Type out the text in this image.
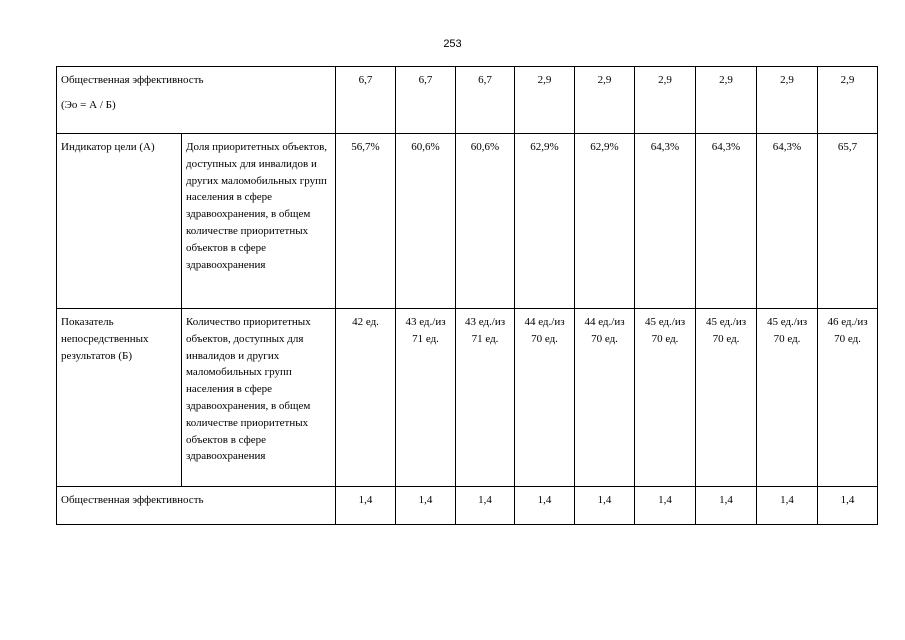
253
Общественная эффективность
(Эо = А / Б)		6,7	6,7	6,7	2,9	2,9	2,9	2,9	2,9	2,9
Индикатор цели (А)	Доля приоритетных объектов, доступных для инвалидов и других маломобильных групп населения в сфере здравоохранения, в общем количестве приоритетных объектов в сфере здравоохранения	56,7%	60,6%	60,6%	62,9%	62,9%	64,3%	64,3%	64,3%	65,7
Показатель непосредственных результатов (Б)	Количество приоритетных объектов, доступных для инвалидов и других маломобильных групп населения в сфере здравоохранения, в общем количестве приоритетных объектов в сфере здравоохранения	42 ед.	43 ед./из 71 ед.	43 ед./из 71 ед.	44 ед./из 70 ед.	44 ед./из 70 ед.	45 ед./из 70 ед.	45 ед./из 70 ед.	45 ед./из 70 ед.	46 ед./из 70 ед.
Общественная эффективность		1,4	1,4	1,4	1,4	1,4	1,4	1,4	1,4	1,4
